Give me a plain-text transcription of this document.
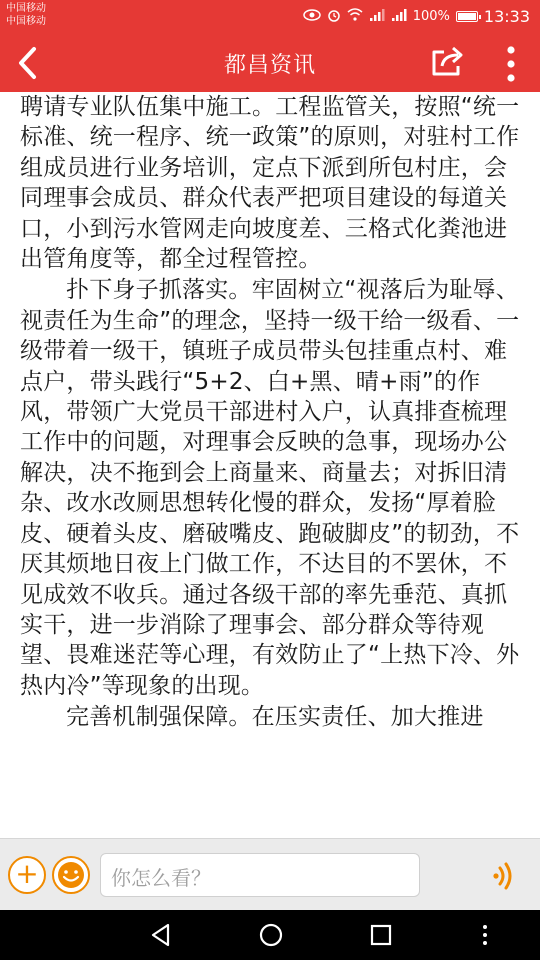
中国移动
中国移动	100% 13:33
都昌资讯

聘请专业队伍集中施工。工程监管关，按照“统一标准、统一程序、统一政策”的原则，对驻村工作组成员进行业务培训，定点下派到所包村庄，会同理事会成员、群众代表严把项目建设的每道关口，小到污水管网走向坡度差、三格式化粪池进出管角度等，都全过程管控。

扑下身子抓落实。牢固树立“视落后为耻辱、视责任为生命”的理念，坚持一级干给一级看、一级带着一级干，镇班子成员带头包挂重点村、难点户，带头践行“5+2、白+黑、晴+雨”的作风，带领广大党员干部进村入户，认真排查梳理工作中的问题，对理事会反映的急事，现场办公解决，决不拖到会上商量来、商量去；对拆旧清杂、改水改厕思想转化慢的群众，发扬“厚着脸皮、硬着头皮、磨破嘴皮、跑破脚皮”的韧劲，不厌其烦地日夜上门做工作，不达目的不罢休，不见成效不收兵。通过各级干部的率先垂范、真抓实干，进一步消除了理事会、部分群众等待观望、畏难迷茫等心理，有效防止了“上热下冷、外热内冷”等现象的出现。

完善机制强保障。在压实责任、加大推进

+	你怎么看？
